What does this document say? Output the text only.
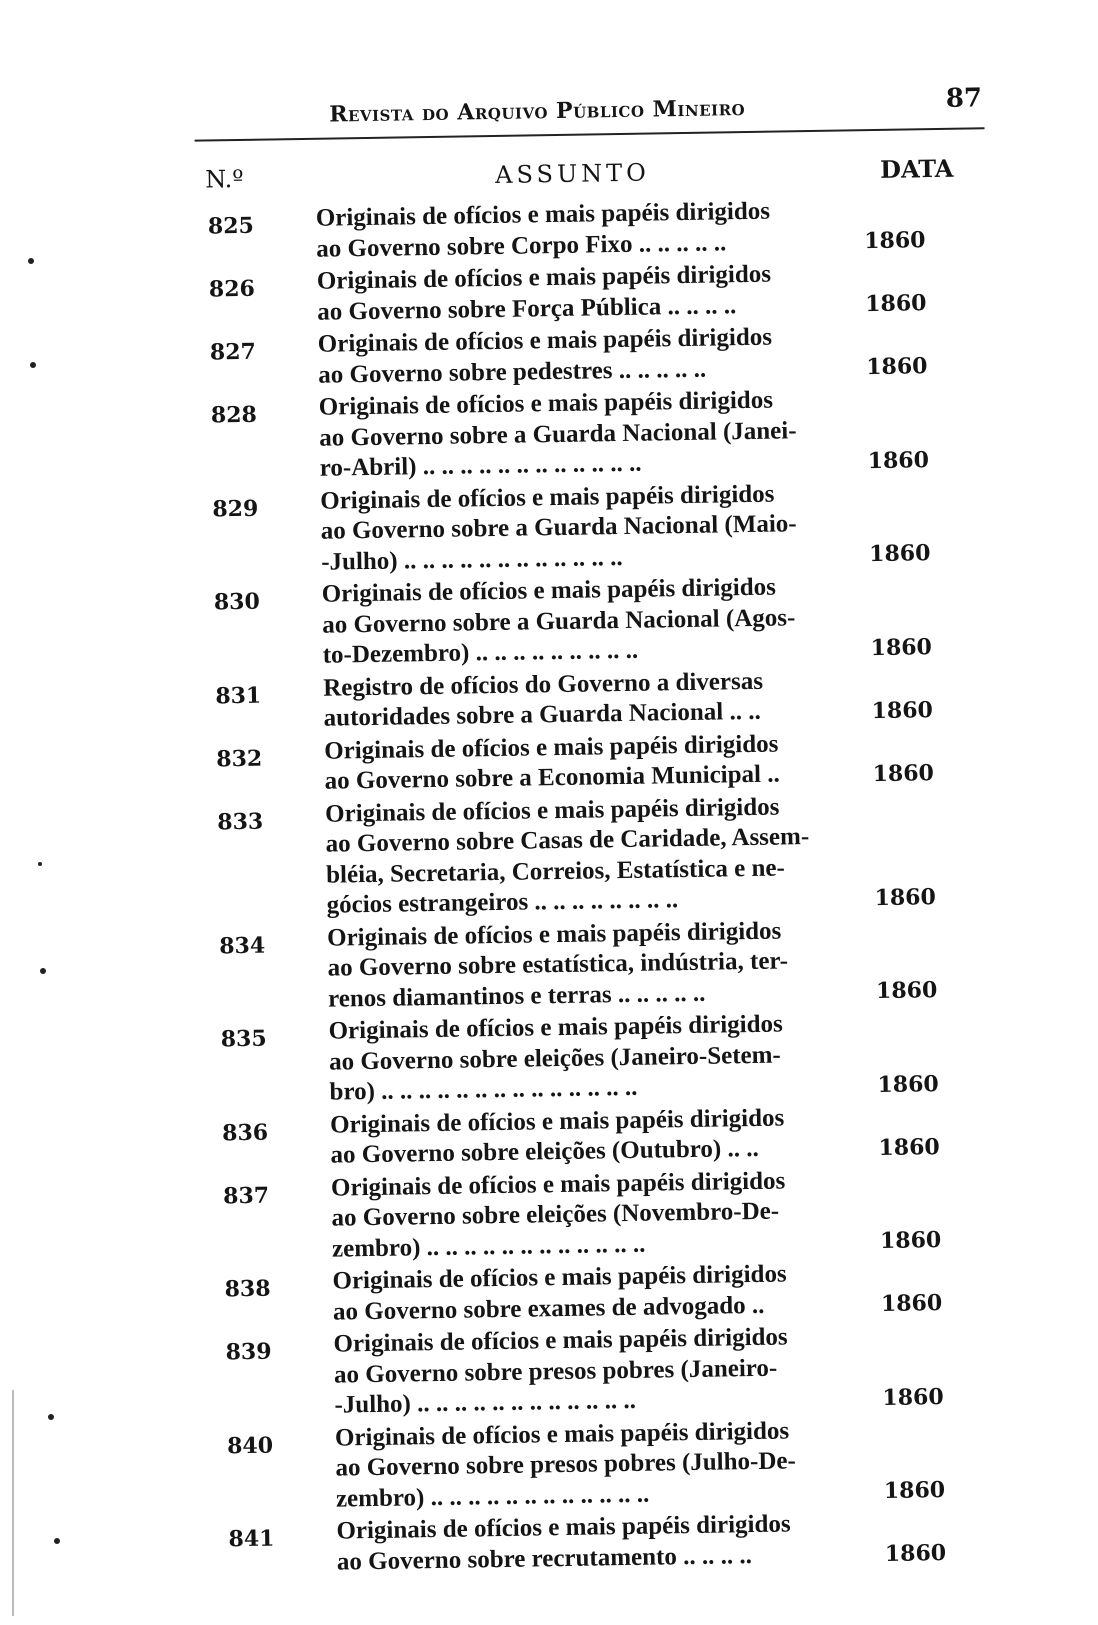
Revista do Arquivo Público Mineiro	87
N.º	ASSUNTO	DATA
825 Originais de ofícios e mais papéis dirigidos
ao Governo sobre Corpo Fixo .. .. .. .. ..	1860
826 Originais de ofícios e mais papéis dirigidos
ao Governo sobre Força Pública .. .. .. ..	1860
827 Originais de ofícios e mais papéis dirigidos
ao Governo sobre pedestres .. .. .. .. ..	1860
828 Originais de ofícios e mais papéis dirigidos
ao Governo sobre a Guarda Nacional (Janei-
ro-Abril) .. .. .. .. .. .. .. .. .. .. .. ..	1860
829 Originais de ofícios e mais papéis dirigidos
ao Governo sobre a Guarda Nacional (Maio-
-Julho) .. .. .. .. .. .. .. .. .. .. .. ..	1860
830 Originais de ofícios e mais papéis dirigidos
ao Governo sobre a Guarda Nacional (Agos-
to-Dezembro) .. .. .. .. .. .. .. .. ..	1860
831 Registro de ofícios do Governo a diversas
autoridades sobre a Guarda Nacional .. ..	1860
832 Originais de ofícios e mais papéis dirigidos
ao Governo sobre a Economia Municipal ..	1860
833 Originais de ofícios e mais papéis dirigidos
ao Governo sobre Casas de Caridade, Assem-
bléia, Secretaria, Correios, Estatística e ne-
gócios estrangeiros .. .. .. .. .. .. .. ..	1860
834 Originais de ofícios e mais papéis dirigidos
ao Governo sobre estatística, indústria, ter-
renos diamantinos e terras .. .. .. .. ..	1860
835 Originais de ofícios e mais papéis dirigidos
ao Governo sobre eleições (Janeiro-Setem-
bro) .. .. .. .. .. .. .. .. .. .. .. .. .. ..	1860
836 Originais de ofícios e mais papéis dirigidos
ao Governo sobre eleições (Outubro) .. ..	1860
837 Originais de ofícios e mais papéis dirigidos
ao Governo sobre eleições (Novembro-De-
zembro) .. .. .. .. .. .. .. .. .. .. .. ..	1860
838 Originais de ofícios e mais papéis dirigidos
ao Governo sobre exames de advogado ..	1860
839 Originais de ofícios e mais papéis dirigidos
ao Governo sobre presos pobres (Janeiro-
-Julho) .. .. .. .. .. .. .. .. .. .. .. ..	1860
840 Originais de ofícios e mais papéis dirigidos
ao Governo sobre presos pobres (Julho-De-
zembro) .. .. .. .. .. .. .. .. .. .. .. ..	1860
841 Originais de ofícios e mais papéis dirigidos
ao Governo sobre recrutamento .. .. .. ..	1860
